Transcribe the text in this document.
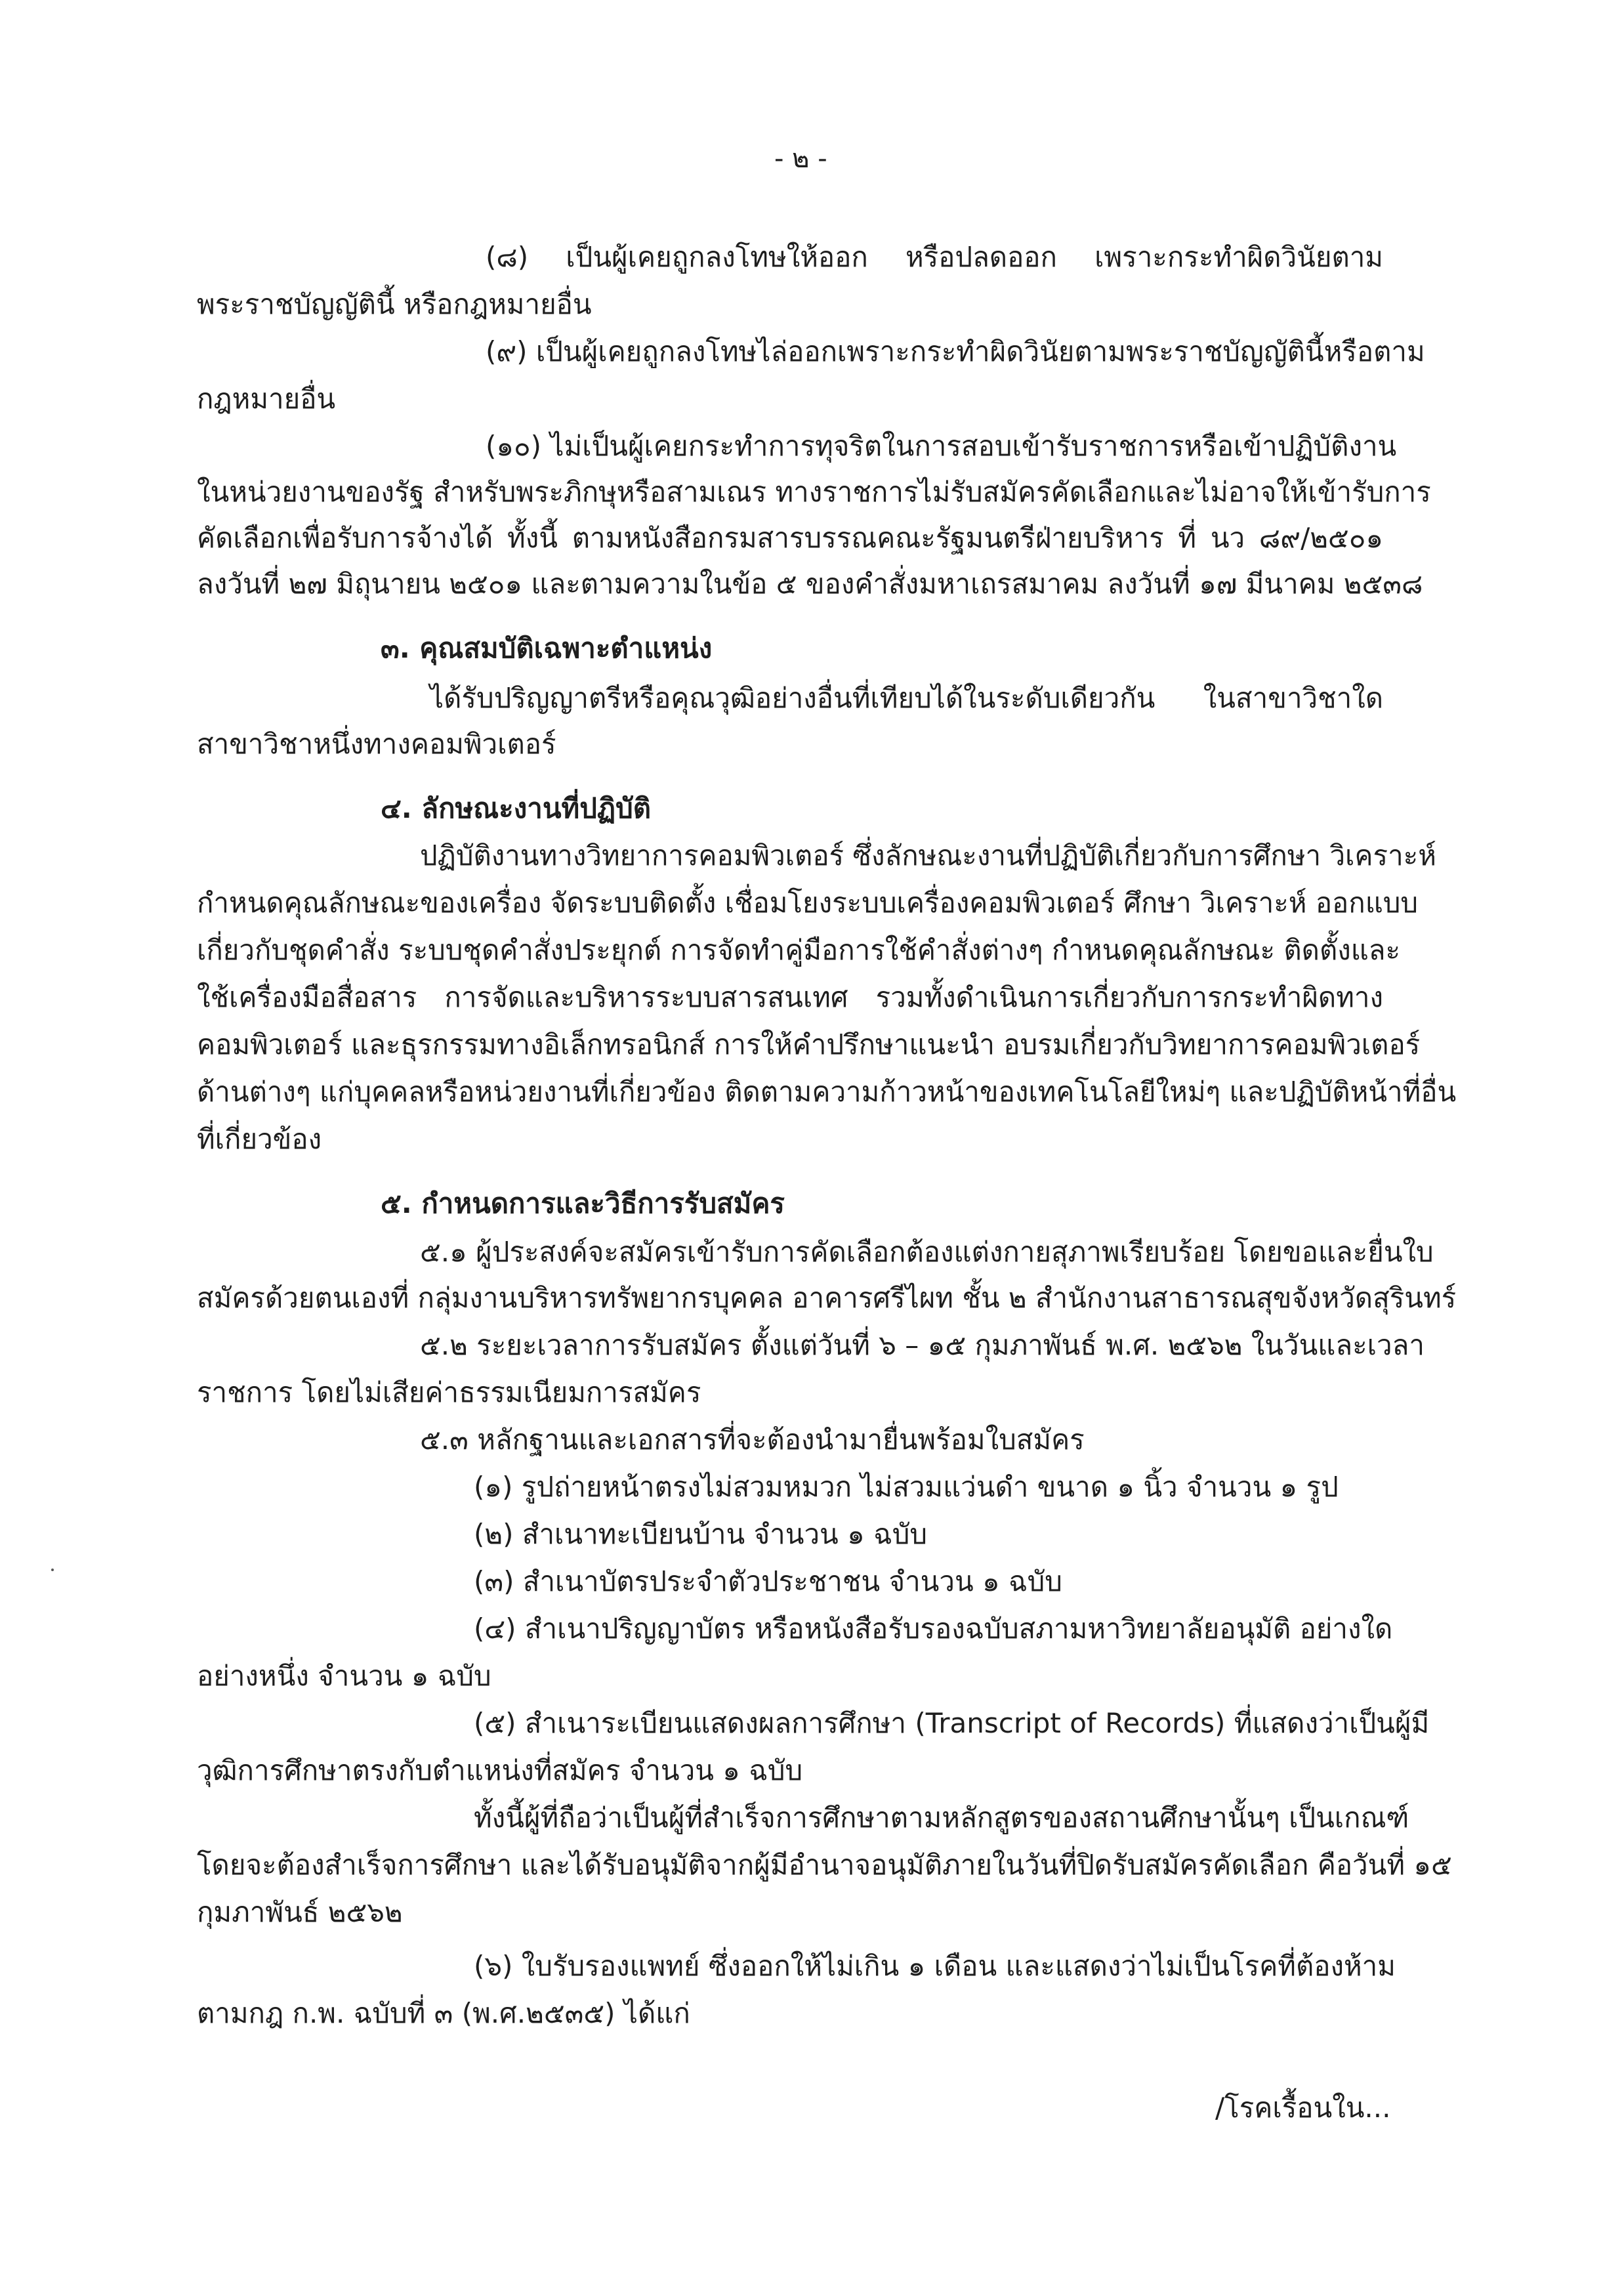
- ๒ -
(๘) เป็นผู้เคยถูกลงโทษให้ออก หรือปลดออก เพราะกระทำผิดวินัยตาม
พระราชบัญญัตินี้ หรือกฎหมายอื่น
(๙) เป็นผู้เคยถูกลงโทษไล่ออกเพราะกระทำผิดวินัยตามพระราชบัญญัตินี้หรือตาม
กฎหมายอื่น
(๑๐) ไม่เป็นผู้เคยกระทำการทุจริตในการสอบเข้ารับราชการหรือเข้าปฏิบัติงาน
ในหน่วยงานของรัฐ สำหรับพระภิกษุหรือสามเณร ทางราชการไม่รับสมัครคัดเลือกและไม่อาจให้เข้ารับการ
คัดเลือกเพื่อรับการจ้างได้ ทั้งนี้ ตามหนังสือกรมสารบรรณคณะรัฐมนตรีฝ่ายบริหาร ที่ นว ๘๙/๒๕๐๑
ลงวันที่ ๒๗ มิถุนายน ๒๕๐๑ และตามความในข้อ ๕ ของคำสั่งมหาเถรสมาคม ลงวันที่ ๑๗ มีนาคม ๒๕๓๘
๓. คุณสมบัติเฉพาะตำแหน่ง
ได้รับปริญญาตรีหรือคุณวุฒิอย่างอื่นที่เทียบได้ในระดับเดียวกัน ในสาขาวิชาใด
สาขาวิชาหนึ่งทางคอมพิวเตอร์
๔. ลักษณะงานที่ปฏิบัติ
ปฏิบัติงานทางวิทยาการคอมพิวเตอร์ ซึ่งลักษณะงานที่ปฏิบัติเกี่ยวกับการศึกษา วิเคราะห์
กำหนดคุณลักษณะของเครื่อง จัดระบบติดตั้ง เชื่อมโยงระบบเครื่องคอมพิวเตอร์ ศึกษา วิเคราะห์ ออกแบบ
เกี่ยวกับชุดคำสั่ง ระบบชุดคำสั่งประยุกต์ การจัดทำคู่มือการใช้คำสั่งต่างๆ กำหนดคุณลักษณะ ติดตั้งและ
ใช้เครื่องมือสื่อสาร การจัดและบริหารระบบสารสนเทศ รวมทั้งดำเนินการเกี่ยวกับการกระทำผิดทาง
คอมพิวเตอร์ และธุรกรรมทางอิเล็กทรอนิกส์ การให้คำปรึกษาแนะนำ อบรมเกี่ยวกับวิทยาการคอมพิวเตอร์
ด้านต่างๆ แก่บุคคลหรือหน่วยงานที่เกี่ยวข้อง ติดตามความก้าวหน้าของเทคโนโลยีใหม่ๆ และปฏิบัติหน้าที่อื่น
ที่เกี่ยวข้อง
๕. กำหนดการและวิธีการรับสมัคร
๕.๑ ผู้ประสงค์จะสมัครเข้ารับการคัดเลือกต้องแต่งกายสุภาพเรียบร้อย โดยขอและยื่นใบ
สมัครด้วยตนเองที่ กลุ่มงานบริหารทรัพยากรบุคคล อาคารศรีไผท ชั้น ๒ สำนักงานสาธารณสุขจังหวัดสุรินทร์
๕.๒ ระยะเวลาการรับสมัคร ตั้งแต่วันที่ ๖ – ๑๕ กุมภาพันธ์ พ.ศ. ๒๕๖๒ ในวันและเวลา
ราชการ โดยไม่เสียค่าธรรมเนียมการสมัคร
๕.๓ หลักฐานและเอกสารที่จะต้องนำมายื่นพร้อมใบสมัคร
(๑) รูปถ่ายหน้าตรงไม่สวมหมวก ไม่สวมแว่นดำ ขนาด ๑ นิ้ว จำนวน ๑ รูป
(๒) สำเนาทะเบียนบ้าน จำนวน ๑ ฉบับ
(๓) สำเนาบัตรประจำตัวประชาชน จำนวน ๑ ฉบับ
(๔) สำเนาปริญญาบัตร หรือหนังสือรับรองฉบับสภามหาวิทยาลัยอนุมัติ อย่างใด
อย่างหนึ่ง จำนวน ๑ ฉบับ
(๕) สำเนาระเบียนแสดงผลการศึกษา (Transcript of Records) ที่แสดงว่าเป็นผู้มี
วุฒิการศึกษาตรงกับตำแหน่งที่สมัคร จำนวน ๑ ฉบับ
ทั้งนี้ผู้ที่ถือว่าเป็นผู้ที่สำเร็จการศึกษาตามหลักสูตรของสถานศึกษานั้นๆ เป็นเกณฑ์
โดยจะต้องสำเร็จการศึกษา และได้รับอนุมัติจากผู้มีอำนาจอนุมัติภายในวันที่ปิดรับสมัครคัดเลือก คือวันที่ ๑๕
กุมภาพันธ์ ๒๕๖๒
(๖) ใบรับรองแพทย์ ซึ่งออกให้ไม่เกิน ๑ เดือน และแสดงว่าไม่เป็นโรคที่ต้องห้าม
ตามกฎ ก.พ. ฉบับที่ ๓ (พ.ศ.๒๕๓๕) ได้แก่
/โรคเรื้อนใน...
